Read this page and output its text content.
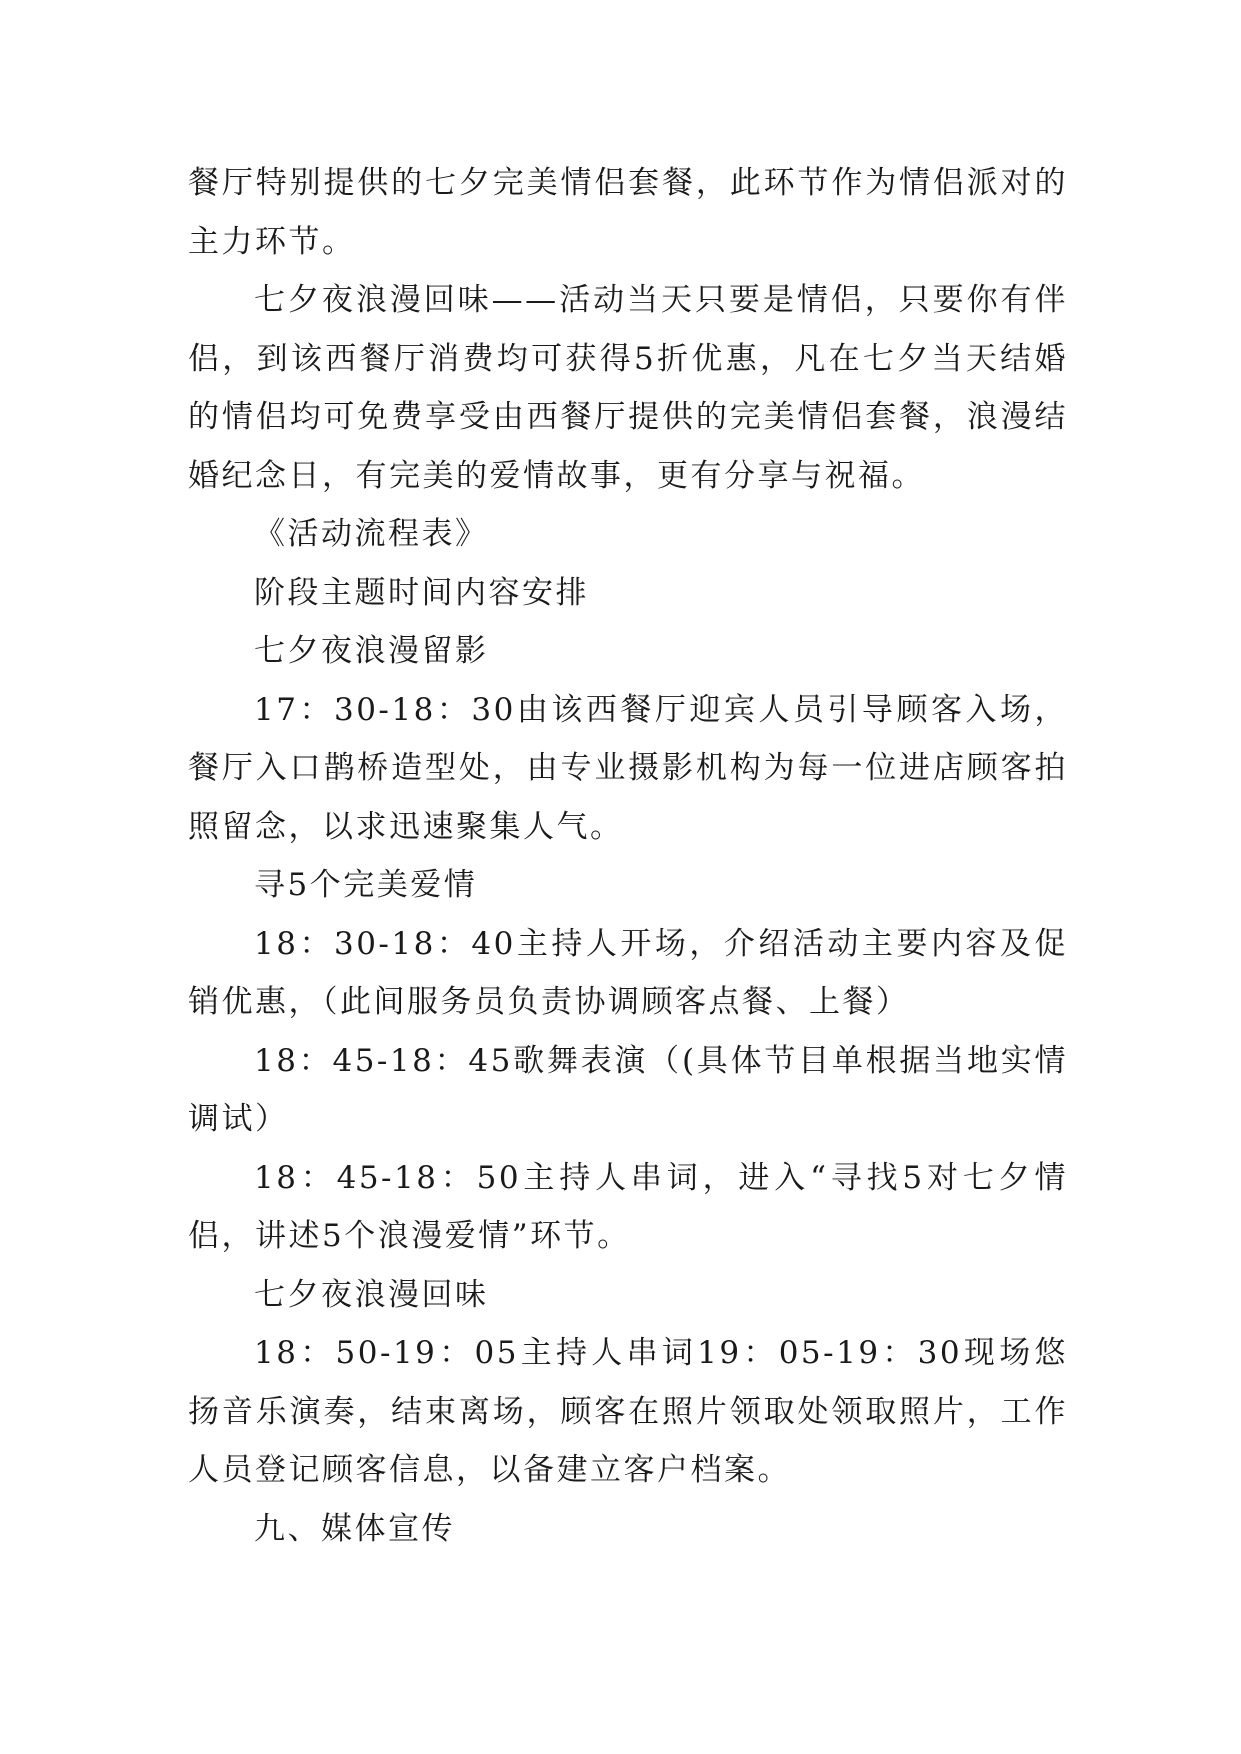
餐厅特别提供的七夕完美情侣套餐，此环节作为情侣派对的主力环节。

七夕夜浪漫回味——活动当天只要是情侣，只要你有伴侣，到该西餐厅消费均可获得5折优惠，凡在七夕当天结婚的情侣均可免费享受由西餐厅提供的完美情侣套餐，浪漫结婚纪念日，有完美的爱情故事，更有分享与祝福。

《活动流程表》

阶段主题时间内容安排

七夕夜浪漫留影

17：30-18：30由该西餐厅迎宾人员引导顾客入场，餐厅入口鹊桥造型处，由专业摄影机构为每一位进店顾客拍照留念，以求迅速聚集人气。

寻5个完美爱情

18：30-18：40主持人开场，介绍活动主要内容及促销优惠，（此间服务员负责协调顾客点餐、上餐）

18：45-18：45歌舞表演（(具体节目单根据当地实情调试）

18：45-18：50主持人串词，进入“寻找5对七夕情侣，讲述5个浪漫爱情”环节。

七夕夜浪漫回味

18：50-19：05主持人串词19：05-19：30现场悠扬音乐演奏，结束离场，顾客在照片领取处领取照片，工作人员登记顾客信息，以备建立客户档案。

九、媒体宣传
